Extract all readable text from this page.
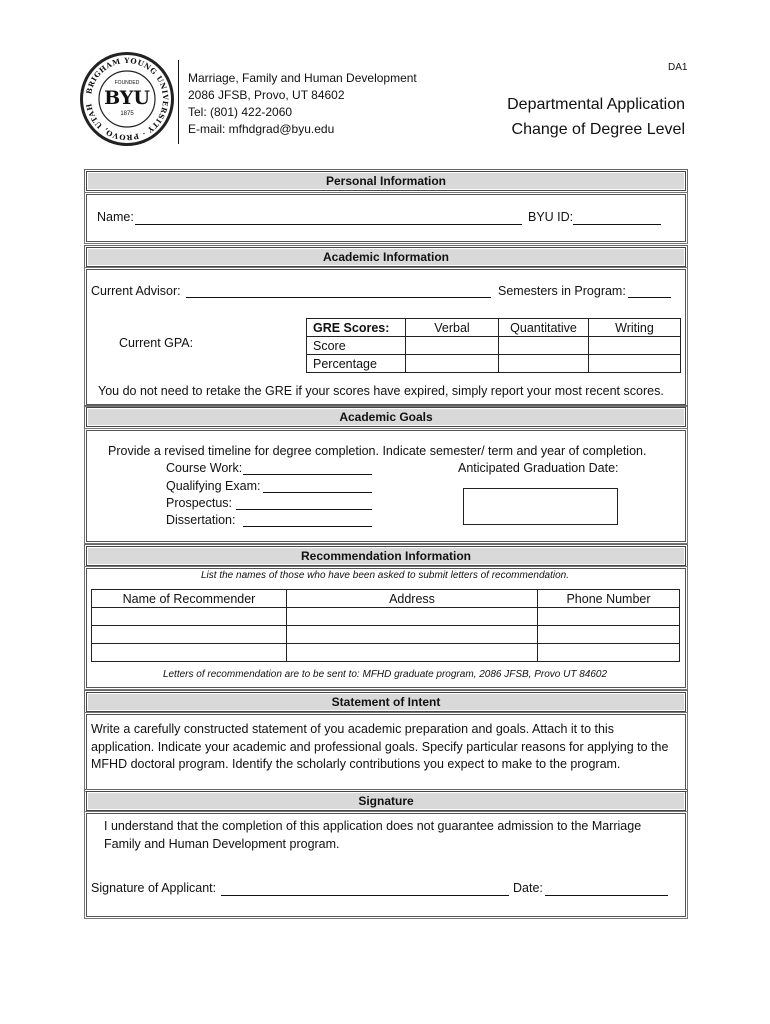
DA1
BRIGHAM YOUNG UNIVERSITY · PROVO, UTAH
FOUNDED
BYU
1875
Marriage, Family and Human Development
2086 JFSB, Provo, UT 84602
Tel: (801) 422-2060
E-mail: mfhdgrad@byu.edu
Departmental Application
Change of Degree Level
Personal Information
Name:	BYU ID:
Academic Information
Current Advisor:	Semesters in Program:
Current GPA:
GRE Scores:	Verbal	Quantitative	Writing
Score			
Percentage			
You do not need to retake the GRE if your scores have expired, simply report your most recent scores.
Academic Goals
Provide a revised timeline for degree completion. Indicate semester/ term and year of completion.
Course Work:
Qualifying Exam:
Prospectus:
Dissertation:
Anticipated Graduation Date:
Recommendation Information
List the names of those who have been asked to submit letters of recommendation.
Name of Recommender	Address	Phone Number

Letters of recommendation are to be sent to: MFHD graduate program, 2086 JFSB, Provo UT 84602
Statement of Intent
Write a carefully constructed statement of you academic preparation and goals. Attach it to this
application. Indicate your academic and professional goals. Specify particular reasons for applying to the
MFHD doctoral program. Identify the scholarly contributions you expect to make to the program.
Signature
I understand that the completion of this application does not guarantee admission to the Marriage
Family and Human Development program.
Signature of Applicant:	Date:
